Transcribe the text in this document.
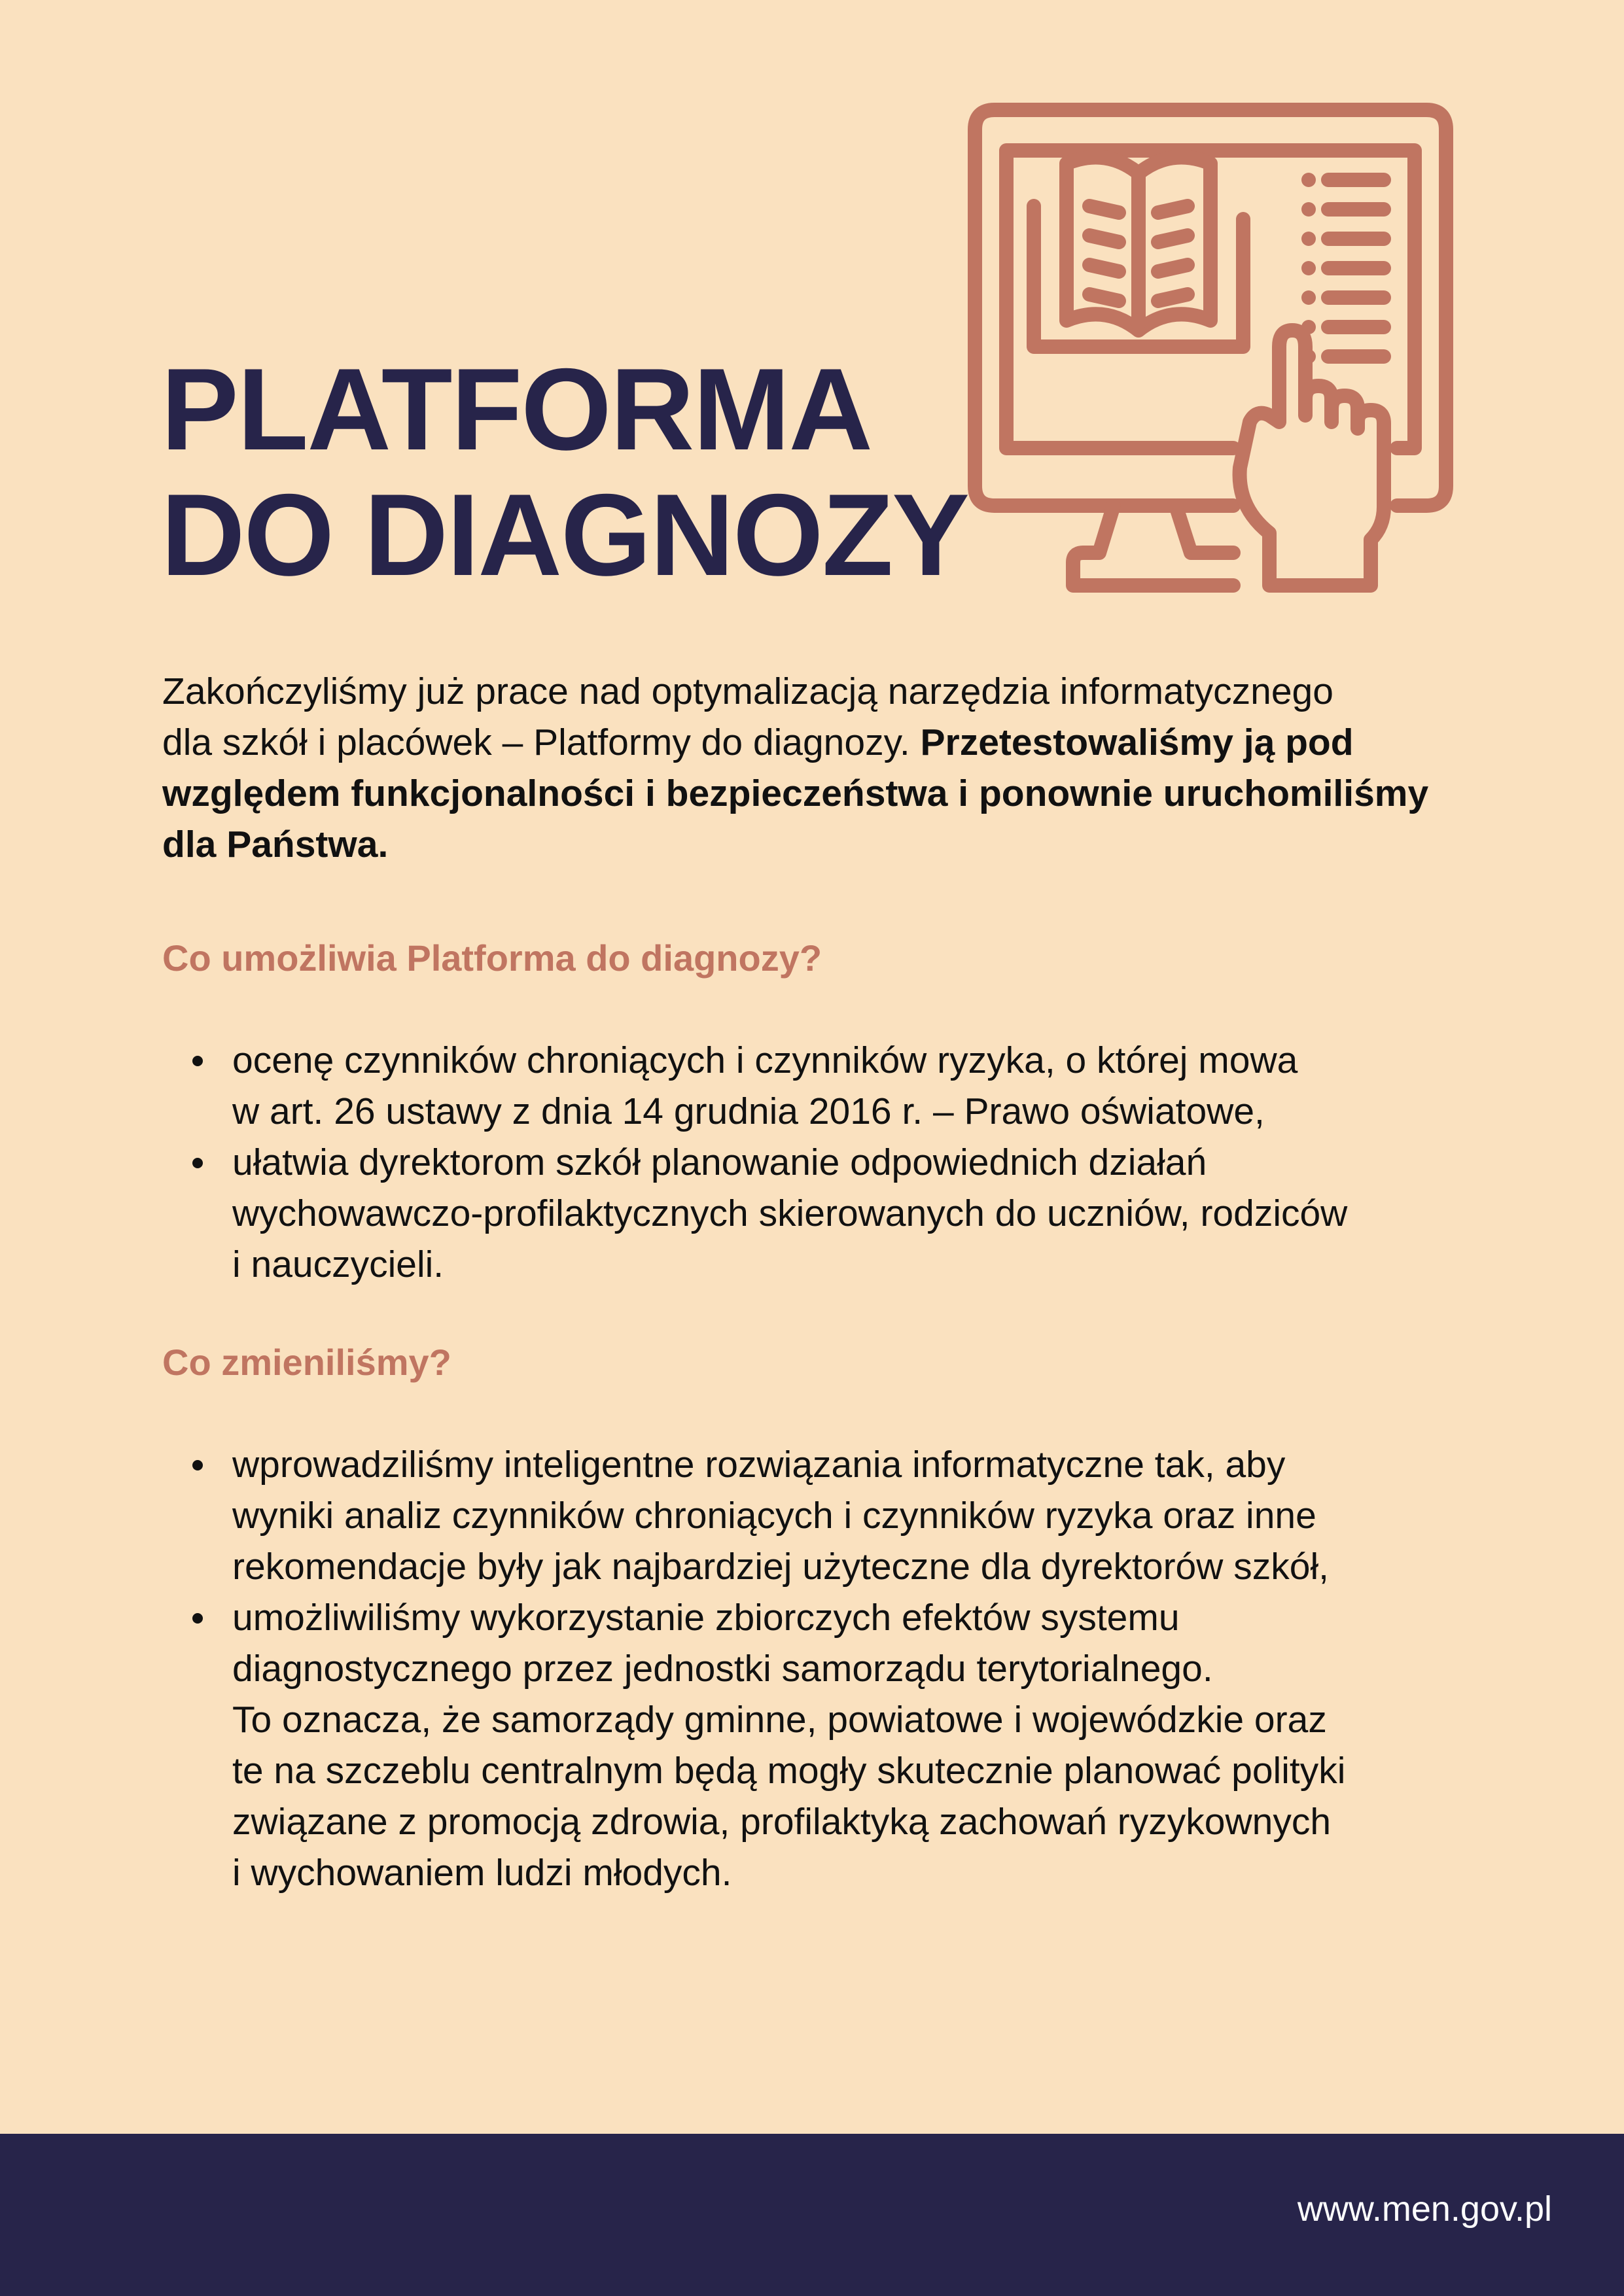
PLATFORMA
DO DIAGNOZY

Zakończyliśmy już prace nad optymalizacją narzędzia informatycznego
dla szkół i placówek – Platformy do diagnozy. Przetestowaliśmy ją pod
względem funkcjonalności i bezpieczeństwa i ponownie uruchomiliśmy
dla Państwa.

Co umożliwia Platforma do diagnozy?
ocenę czynników chroniących i czynników ryzyka, o której mowa
w art. 26 ustawy z dnia 14 grudnia 2016 r. – Prawo oświatowe,
ułatwia dyrektorom szkół planowanie odpowiednich działań
wychowawczo-profilaktycznych skierowanych do uczniów, rodziców
i nauczycieli.
Co zmieniliśmy?
wprowadziliśmy inteligentne rozwiązania informatyczne tak, aby
wyniki analiz czynników chroniących i czynników ryzyka oraz inne
rekomendacje były jak najbardziej użyteczne dla dyrektorów szkół,
umożliwiliśmy wykorzystanie zbiorczych efektów systemu
diagnostycznego przez jednostki samorządu terytorialnego.
To oznacza, że samorządy gminne, powiatowe i wojewódzkie oraz
te na szczeblu centralnym będą mogły skutecznie planować polityki
związane z promocją zdrowia, profilaktyką zachowań ryzykownych
i wychowaniem ludzi młodych.
www.men.gov.pl
